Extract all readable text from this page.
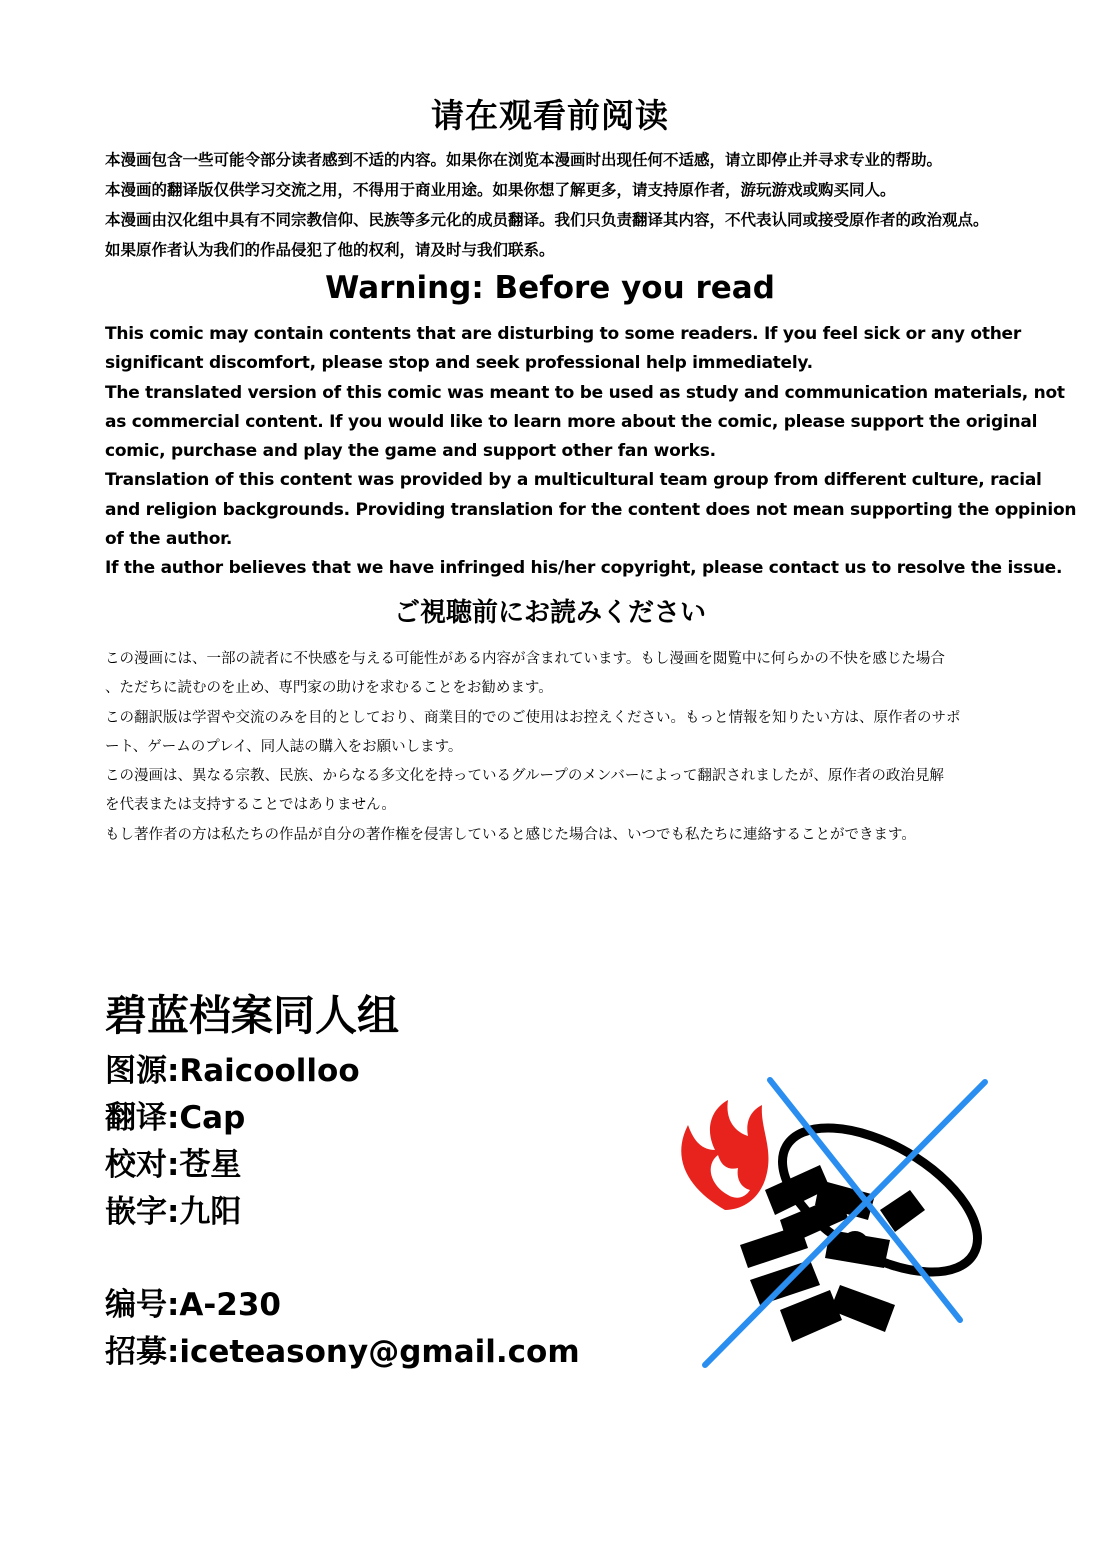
请在观看前阅读
本漫画包含一些可能令部分读者感到不适的内容。如果你在浏览本漫画时出现任何不适感，请立即停止并寻求专业的帮助。
本漫画的翻译版仅供学习交流之用，不得用于商业用途。如果你想了解更多，请支持原作者，游玩游戏或购买同人。
本漫画由汉化组中具有不同宗教信仰、民族等多元化的成员翻译。我们只负责翻译其内容，不代表认同或接受原作者的政治观点。
如果原作者认为我们的作品侵犯了他的权利，请及时与我们联系。
Warning: Before you read
This comic may contain contents that are disturbing to some readers. If you feel sick or any other
significant discomfort, please stop and seek professional help immediately.
The translated version of this comic was meant to be used as study and communication materials, not
as commercial content. If you would like to learn more about the comic, please support the original
comic, purchase and play the game and support other fan works.
Translation of this content was provided by a multicultural team group from different culture, racial
and religion backgrounds. Providing translation for the content does not mean supporting the oppinion
of the author.
If the author believes that we have infringed his/her copyright, please contact us to resolve the issue.
ご視聴前にお読みください
この漫画には、一部の読者に不快感を与える可能性がある内容が含まれています。もし漫画を閲覧中に何らかの不快を感じた場合
、ただちに読むのを止め、専門家の助けを求むることをお勧めます。
この翻訳版は学習や交流のみを目的としており、商業目的でのご使用はお控えください。もっと情報を知りたい方は、原作者のサポ
ート、ゲームのプレイ、同人誌の購入をお願いします。
この漫画は、異なる宗教、民族、からなる多文化を持っているグループのメンバーによって翻訳されましたが、原作者の政治見解
を代表または支持することではありません。
もし著作者の方は私たちの作品が自分の著作権を侵害していると感じた場合は、いつでも私たちに連絡することができます。
碧蓝档案同人组
图源:Raicoolloo
翻译:Cap
校对:苍星
嵌字:九阳
编号:A-230
招募:iceteasony@gmail.com
